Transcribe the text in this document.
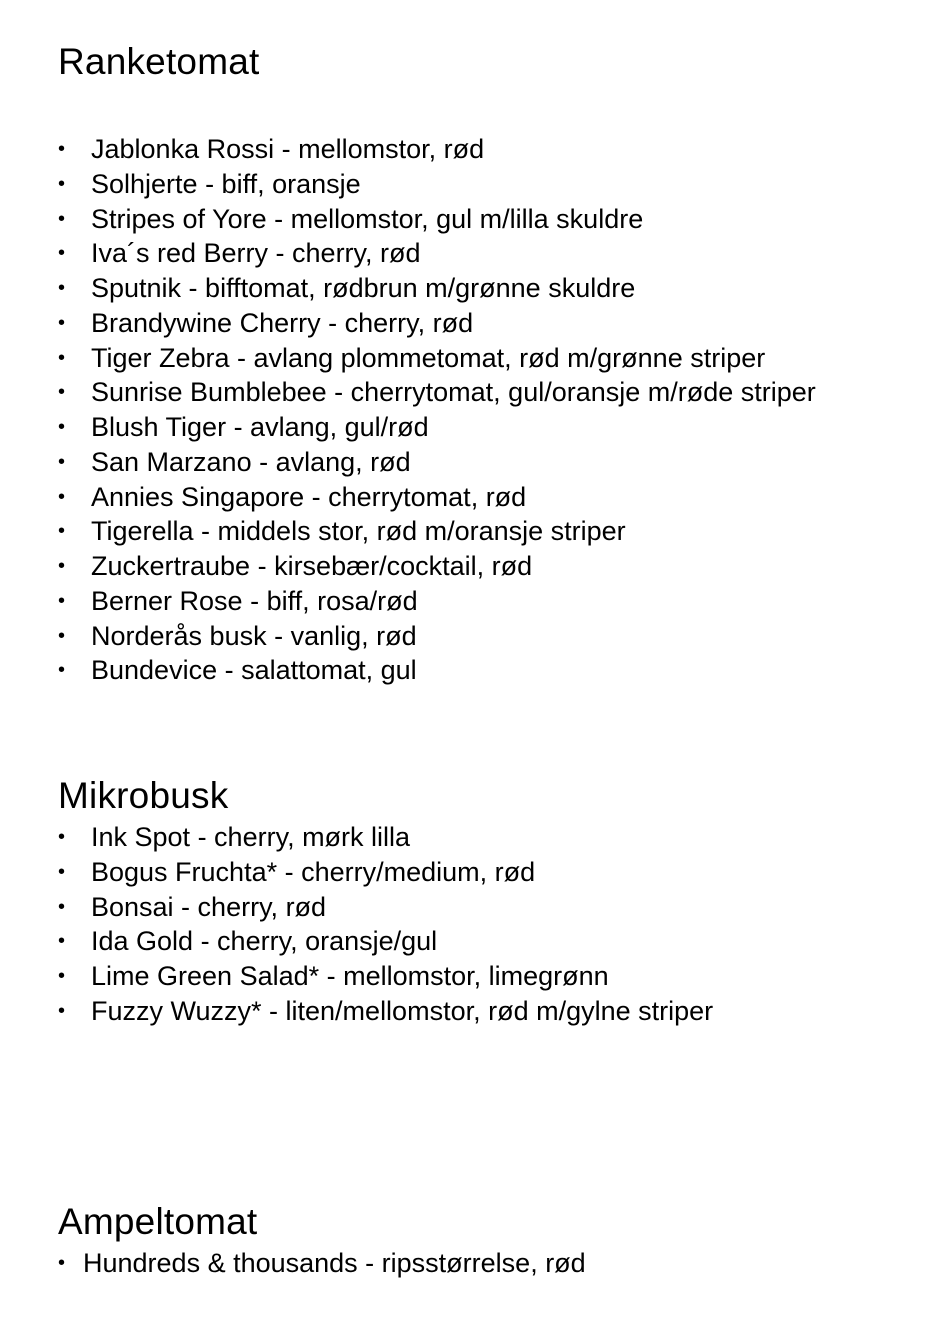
Ranketomat
• Jablonka Rossi - mellomstor, rød
• Solhjerte - biff, oransje
• Stripes of Yore - mellomstor, gul m/lilla skuldre
• Iva´s red Berry - cherry, rød
• Sputnik - bifftomat, rødbrun m/grønne skuldre
• Brandywine Cherry - cherry, rød
• Tiger Zebra - avlang plommetomat, rød m/grønne striper
• Sunrise Bumblebee - cherrytomat, gul/oransje m/røde striper
• Blush Tiger - avlang, gul/rød
• San Marzano - avlang, rød
• Annies Singapore - cherrytomat, rød
• Tigerella - middels stor, rød m/oransje striper
• Zuckertraube - kirsebær/cocktail, rød
• Berner Rose - biff, rosa/rød
• Norderås busk - vanlig, rød
• Bundevice - salattomat, gul
Mikrobusk
• Ink Spot - cherry, mørk lilla
• Bogus Fruchta* - cherry/medium, rød
• Bonsai - cherry, rød
• Ida Gold - cherry, oransje/gul
• Lime Green Salad* - mellomstor, limegrønn
• Fuzzy Wuzzy* - liten/mellomstor, rød m/gylne striper
Ampeltomat
• Hundreds & thousands - ripsstørrelse, rød
